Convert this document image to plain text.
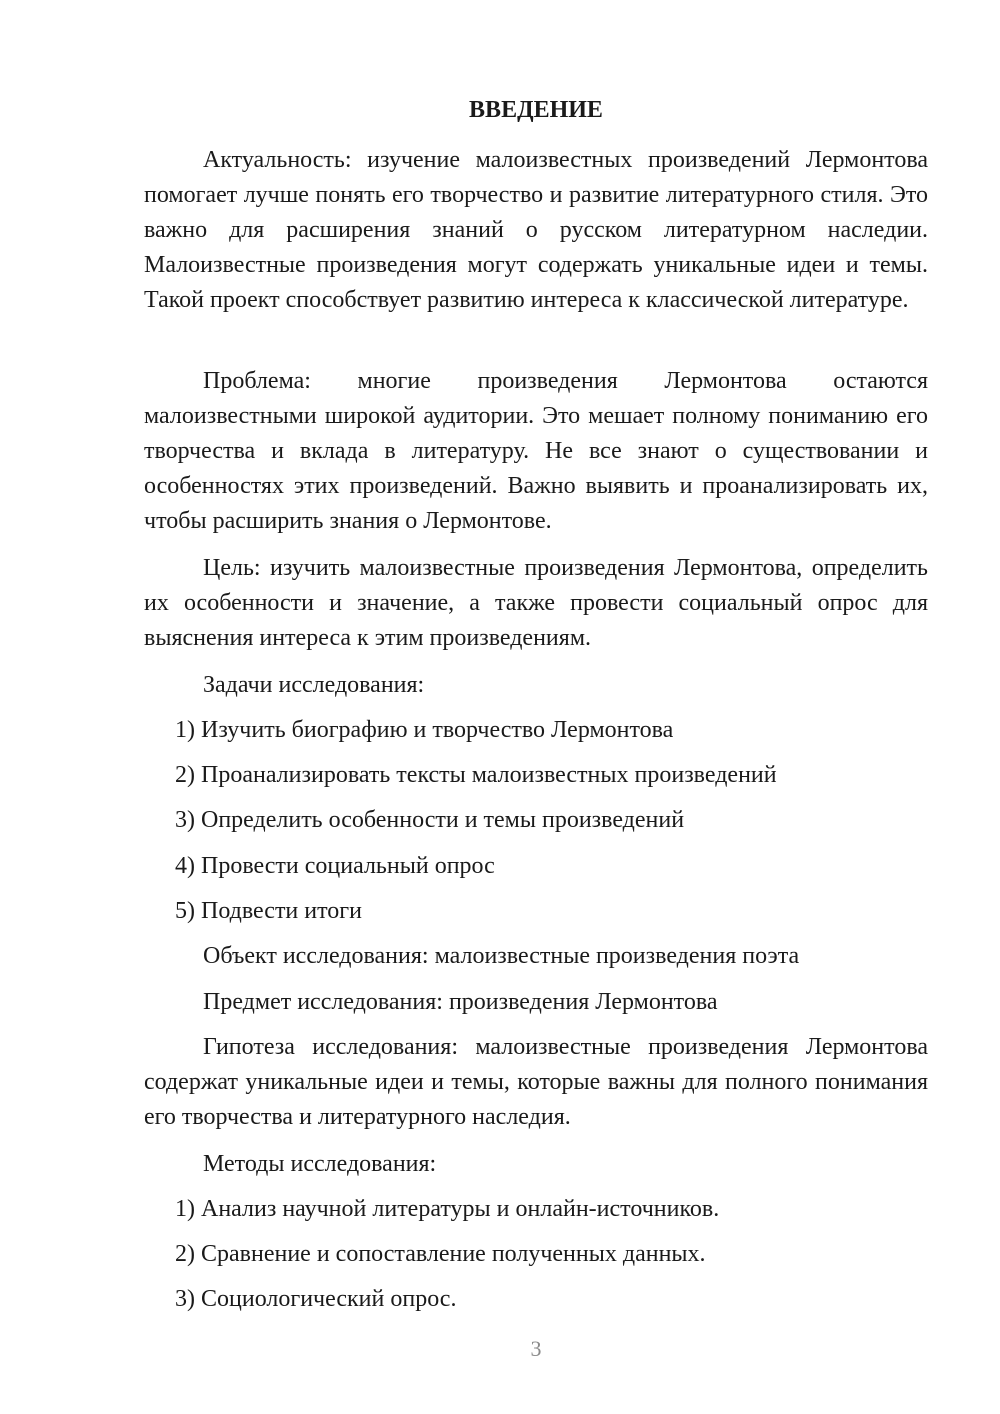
ВВЕДЕНИЕ
Актуальность: изучение малоизвестных произведений Лермонтова помогает лучше понять его творчество и развитие литературного стиля. Это важно для расширения знаний о русском литературном наследии. Малоизвестные произведения могут содержать уникальные идеи и темы. Такой проект способствует развитию интереса к классической литературе.
Проблема: многие произведения Лермонтова остаются малоизвестными широкой аудитории. Это мешает полному пониманию его творчества и вклада в литературу. Не все знают о существовании и особенностях этих произведений. Важно выявить и проанализировать их, чтобы расширить знания о Лермонтове.
Цель: изучить малоизвестные произведения Лермонтова, определить их особенности и значение, а также провести социальный опрос для выяснения интереса к этим произведениям.
Задачи исследования:
1) Изучить биографию и творчество Лермонтова
2) Проанализировать тексты малоизвестных произведений
3) Определить особенности и темы произведений
4) Провести социальный опрос
5) Подвести итоги
Объект исследования: малоизвестные произведения поэта
Предмет исследования: произведения Лермонтова
Гипотеза исследования: малоизвестные произведения Лермонтова содержат уникальные идеи и темы, которые важны для полного понимания его творчества и литературного наследия.
Методы исследования:
1) Анализ научной литературы и онлайн-источников.
2) Сравнение и сопоставление полученных данных.
3) Социологический опрос.
3
